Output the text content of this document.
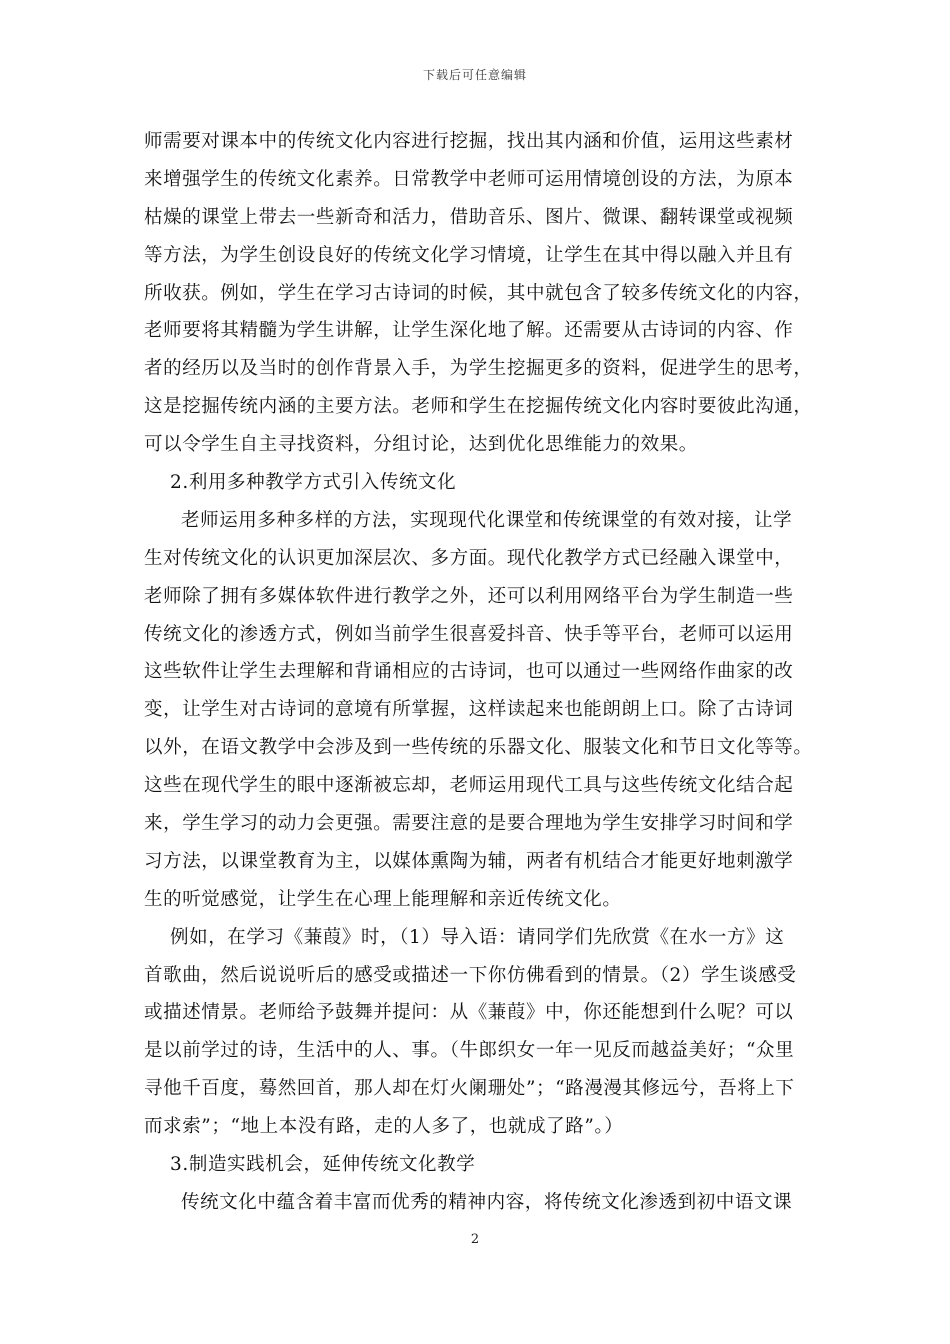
下载后可任意编辑
师需要对课本中的传统文化内容进行挖掘，找出其内涵和价值，运用这些素材
来增强学生的传统文化素养。日常教学中老师可运用情境创设的方法，为原本
枯燥的课堂上带去一些新奇和活力，借助音乐、图片、微课、翻转课堂或视频
等方法，为学生创设良好的传统文化学习情境，让学生在其中得以融入并且有
所收获。例如，学生在学习古诗词的时候，其中就包含了较多传统文化的内容，
老师要将其精髓为学生讲解，让学生深化地了解。还需要从古诗词的内容、作
者的经历以及当时的创作背景入手，为学生挖掘更多的资料，促进学生的思考，
这是挖掘传统内涵的主要方法。老师和学生在挖掘传统文化内容时要彼此沟通，
可以令学生自主寻找资料，分组讨论，达到优化思维能力的效果。
2.利用多种教学方式引入传统文化
老师运用多种多样的方法，实现现代化课堂和传统课堂的有效对接，让学
生对传统文化的认识更加深层次、多方面。现代化教学方式已经融入课堂中，
老师除了拥有多媒体软件进行教学之外，还可以利用网络平台为学生制造一些
传统文化的渗透方式，例如当前学生很喜爱抖音、快手等平台，老师可以运用
这些软件让学生去理解和背诵相应的古诗词，也可以通过一些网络作曲家的改
变，让学生对古诗词的意境有所掌握，这样读起来也能朗朗上口。除了古诗词
以外，在语文教学中会涉及到一些传统的乐器文化、服装文化和节日文化等等。
这些在现代学生的眼中逐渐被忘却，老师运用现代工具与这些传统文化结合起
来，学生学习的动力会更强。需要注意的是要合理地为学生安排学习时间和学
习方法，以课堂教育为主，以媒体熏陶为辅，两者有机结合才能更好地刺激学
生的听觉感觉，让学生在心理上能理解和亲近传统文化。
例如，在学习《蒹葭》时，（1）导入语：请同学们先欣赏《在水一方》这
首歌曲，然后说说听后的感受或描述一下你仿佛看到的情景。（2）学生谈感受
或描述情景。老师给予鼓舞并提问：从《蒹葭》中，你还能想到什么呢？可以
是以前学过的诗，生活中的人、事。（牛郎织女一年一见反而越益美好；“众里
寻他千百度，蓦然回首，那人却在灯火阑珊处”；“路漫漫其修远兮，吾将上下
而求索”；“地上本没有路，走的人多了，也就成了路”。）
3.制造实践机会，延伸传统文化教学
传统文化中蕴含着丰富而优秀的精神内容，将传统文化渗透到初中语文课
2
